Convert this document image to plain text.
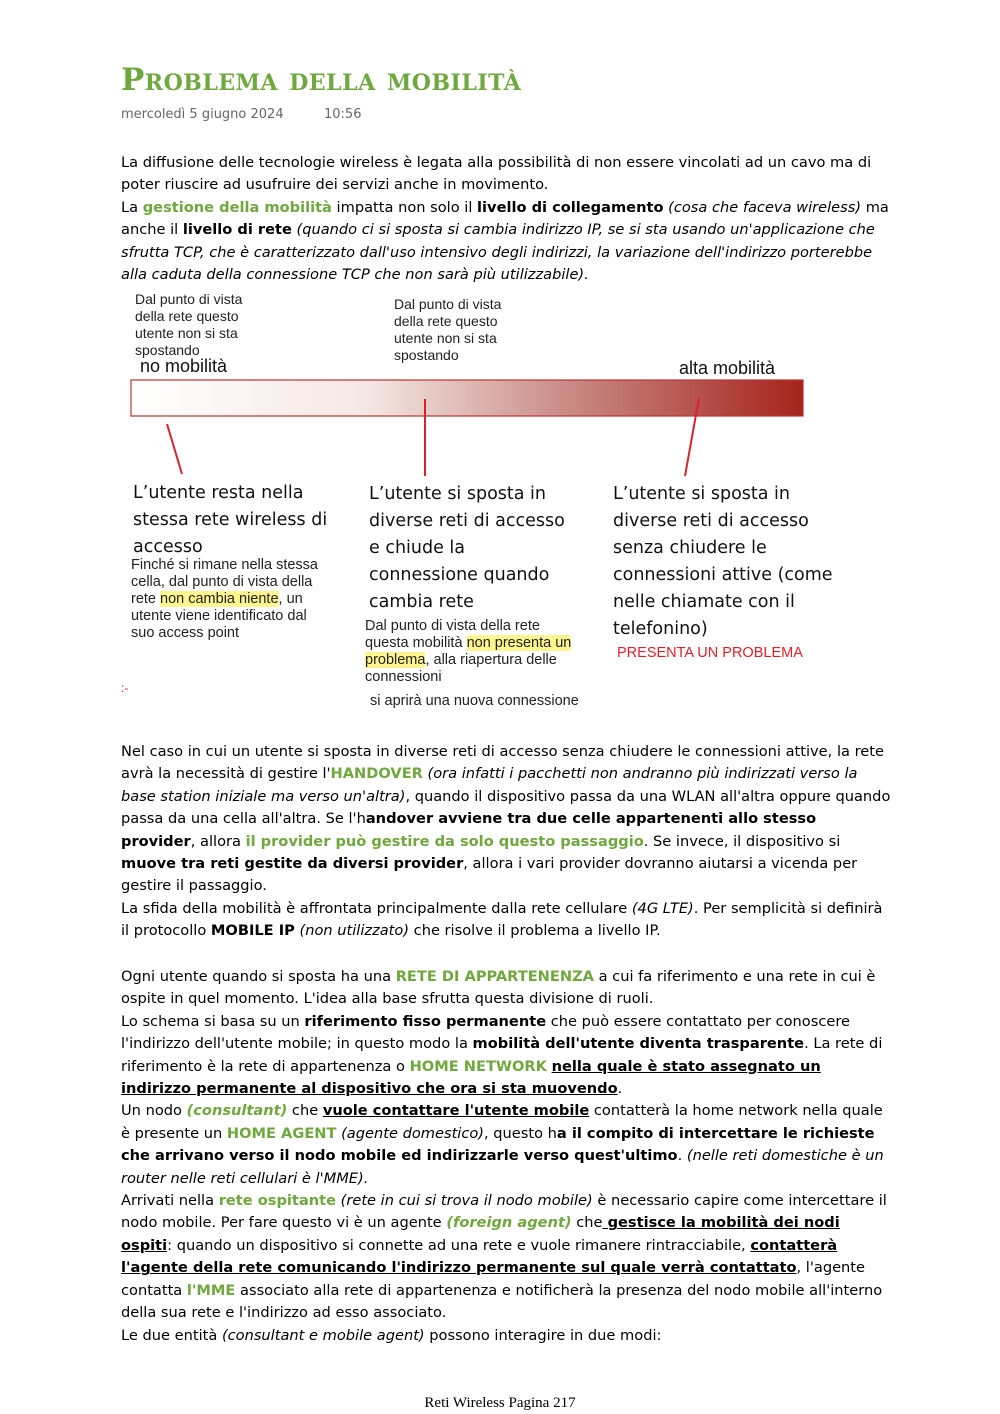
Problema della mobilità
mercoledì 5 giugno 2024	10:56

La diffusione delle tecnologie wireless è legata alla possibilità di non essere vincolati ad un cavo ma di poter riuscire ad usufruire dei servizi anche in movimento.

La gestione della mobilità impatta non solo il livello di collegamento (cosa che faceva wireless) ma anche il livello di rete (quando ci si sposta si cambia indirizzo IP, se si sta usando un'applicazione che sfrutta TCP, che è caratterizzato dall'uso intensivo degli indirizzi, la variazione dell'indirizzo porterebbe alla caduta della connessione TCP che non sarà più utilizzabile).

:-
Dal punto di vista della rete questo utente non si sta spostando
Dal punto di vista della rete questo utente non si sta spostando
no mobilità	alta mobilità
L’utente resta nella stessa rete wireless di accesso
Finché si rimane nella stessa cella, dal punto di vista della rete non cambia niente, un utente viene identificato dal suo access point
L’utente si sposta in diverse reti di accesso e chiude la connessione quando cambia rete
Dal punto di vista della rete questa mobilità non presenta un problema, alla riapertura delle connessioni
si aprirà una nuova connessione
L’utente si sposta in diverse reti di accesso senza chiudere le connessioni attive (come nelle chiamate con il telefonino)
PRESENTA UN PROBLEMA

Nel caso in cui un utente si sposta in diverse reti di accesso senza chiudere le connessioni attive, la rete avrà la necessità di gestire l'HANDOVER (ora infatti i pacchetti non andranno più indirizzati verso la base station iniziale ma verso un'altra), quando il dispositivo passa da una WLAN all'altra oppure quando passa da una cella all'altra. Se l'handover avviene tra due celle appartenenti allo stesso provider, allora il provider può gestire da solo questo passaggio. Se invece, il dispositivo si muove tra reti gestite da diversi provider, allora i vari provider dovranno aiutarsi a vicenda per gestire il passaggio.

La sfida della mobilità è affrontata principalmente dalla rete cellulare (4G LTE). Per semplicità si definirà il protocollo MOBILE IP (non utilizzato) che risolve il problema a livello IP.

Ogni utente quando si sposta ha una RETE DI APPARTENENZA a cui fa riferimento e una rete in cui è ospite in quel momento. L'idea alla base sfrutta questa divisione di ruoli.

Lo schema si basa su un riferimento fisso permanente che può essere contattato per conoscere l'indirizzo dell'utente mobile; in questo modo la mobilità dell'utente diventa trasparente. La rete di riferimento è la rete di appartenenza o HOME NETWORK nella quale è stato assegnato un indirizzo permanente al dispositivo che ora si sta muovendo.

Un nodo (consultant) che vuole contattare l'utente mobile contatterà la home network nella quale è presente un HOME AGENT (agente domestico), questo ha il compito di intercettare le richieste che arrivano verso il nodo mobile ed indirizzarle verso quest'ultimo. (nelle reti domestiche è un router nelle reti cellulari è l'MME).

Arrivati nella rete ospitante (rete in cui si trova il nodo mobile) è necessario capire come intercettare il nodo mobile. Per fare questo vi è un agente (foreign agent) che gestisce la mobilità dei nodi ospiti: quando un dispositivo si connette ad una rete e vuole rimanere rintracciabile, contatterà l'agente della rete comunicando l'indirizzo permanente sul quale verrà contattato, l'agente contatta l'MME associato alla rete di appartenenza e notificherà la presenza del nodo mobile all'interno della sua rete e l'indirizzo ad esso associato.

Le due entità (consultant e mobile agent) possono interagire in due modi:

Reti Wireless Pagina 217
